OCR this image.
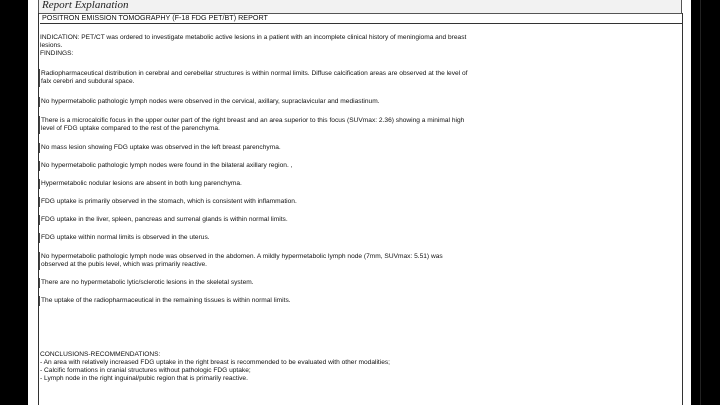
Report Explanation
POSITRON EMISSION TOMOGRAPHY (F-18 FDG PET/BT) REPORT
INDICATION: PET/CT was ordered to investigate metabolic active lesions in a patient with an incomplete clinical history of meningioma and breast
lesions.
FINDINGS:
Radiopharmaceutical distribution in cerebral and cerebellar structures is within normal limits. Diffuse calcification areas are observed at the level of
falx cerebri and subdural space.
No hypermetabolic pathologic lymph nodes were observed in the cervical, axillary, supraclavicular and mediastinum.
There is a microcalcific focus in the upper outer part of the right breast and an area superior to this focus (SUVmax: 2.36) showing a minimal high
level of FDG uptake compared to the rest of the parenchyma.
No mass lesion showing FDG uptake was observed in the left breast parenchyma.
No hypermetabolic pathologic lymph nodes were found in the bilateral axillary region. ,
Hypermetabolic nodular lesions are absent in both lung parenchyma.
FDG uptake is primarily observed in the stomach, which is consistent with inflammation.
FDG uptake in the liver, spleen, pancreas and surrenal glands is within normal limits.
FDG uptake within normal limits is observed in the uterus.
No hypermetabolic pathologic lymph node was observed in the abdomen. A mildly hypermetabolic lymph node (7mm, SUVmax: 5.51) was
observed at the pubis level, which was primarily reactive.
There are no hypermetabolic lytic/sclerotic lesions in the skeletal system.
The uptake of the radiopharmaceutical in the remaining tissues is within normal limits.
CONCLUSIONS-RECOMMENDATIONS:
- An area with relatively increased FDG uptake in the right breast is recommended to be evaluated with other modalities;
- Calcific formations in cranial structures without pathologic FDG uptake;
- Lymph node in the right inguinal/pubic region that is primarily reactive.
